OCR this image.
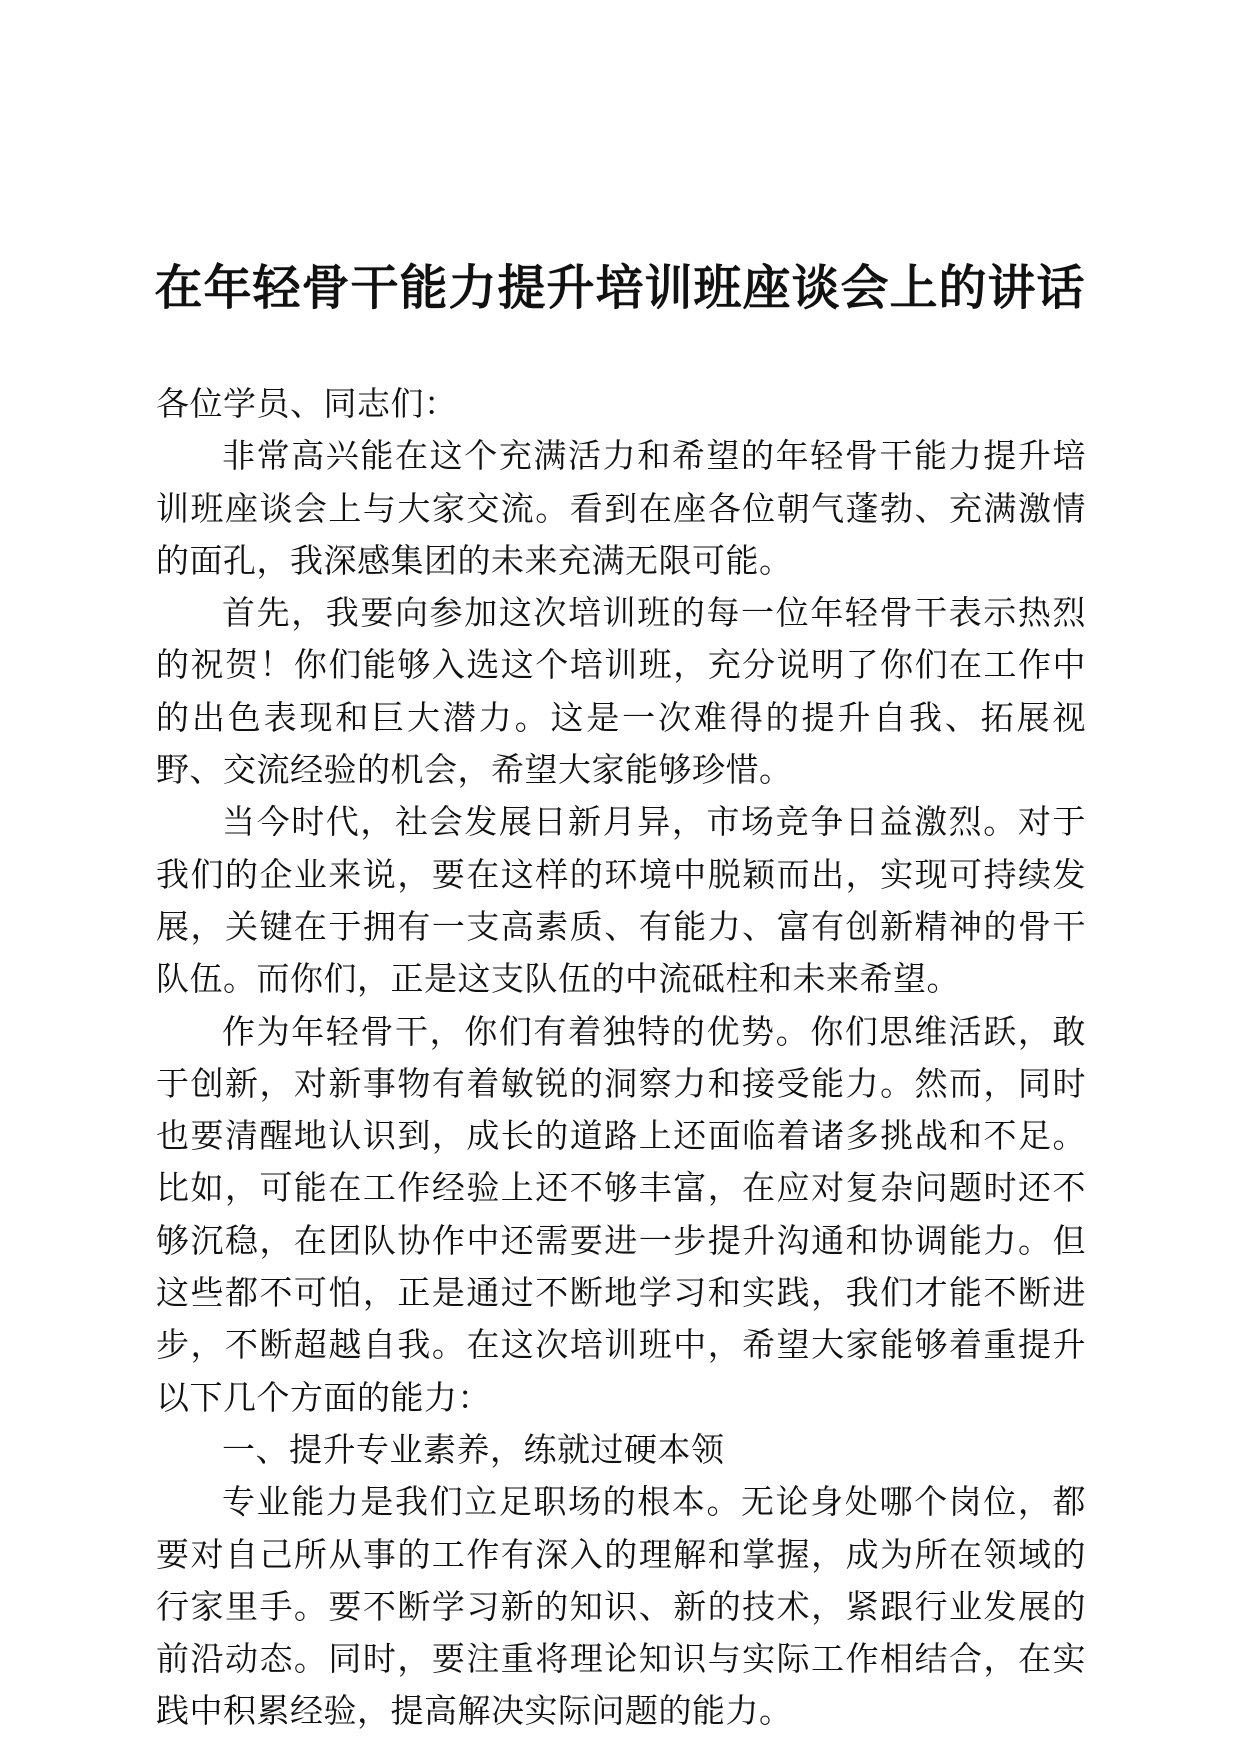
在年轻骨干能力提升培训班座谈会上的讲话

各位学员、同志们：

非常高兴能在这个充满活力和希望的年轻骨干能力提升培训班座谈会上与大家交流。看到在座各位朝气蓬勃、充满激情的面孔，我深感集团的未来充满无限可能。

首先，我要向参加这次培训班的每一位年轻骨干表示热烈的祝贺！你们能够入选这个培训班，充分说明了你们在工作中的出色表现和巨大潜力。这是一次难得的提升自我、拓展视野、交流经验的机会，希望大家能够珍惜。

当今时代，社会发展日新月异，市场竞争日益激烈。对于我们的企业来说，要在这样的环境中脱颖而出，实现可持续发展，关键在于拥有一支高素质、有能力、富有创新精神的骨干队伍。而你们，正是这支队伍的中流砥柱和未来希望。

作为年轻骨干，你们有着独特的优势。你们思维活跃，敢于创新，对新事物有着敏锐的洞察力和接受能力。然而，同时也要清醒地认识到，成长的道路上还面临着诸多挑战和不足。比如，可能在工作经验上还不够丰富，在应对复杂问题时还不够沉稳，在团队协作中还需要进一步提升沟通和协调能力。但这些都不可怕，正是通过不断地学习和实践，我们才能不断进步，不断超越自我。在这次培训班中，希望大家能够着重提升以下几个方面的能力：

一、提升专业素养，练就过硬本领

专业能力是我们立足职场的根本。无论身处哪个岗位，都要对自己所从事的工作有深入的理解和掌握，成为所在领域的行家里手。要不断学习新的知识、新的技术，紧跟行业发展的前沿动态。同时，要注重将理论知识与实际工作相结合，在实践中积累经验，提高解决实际问题的能力。
